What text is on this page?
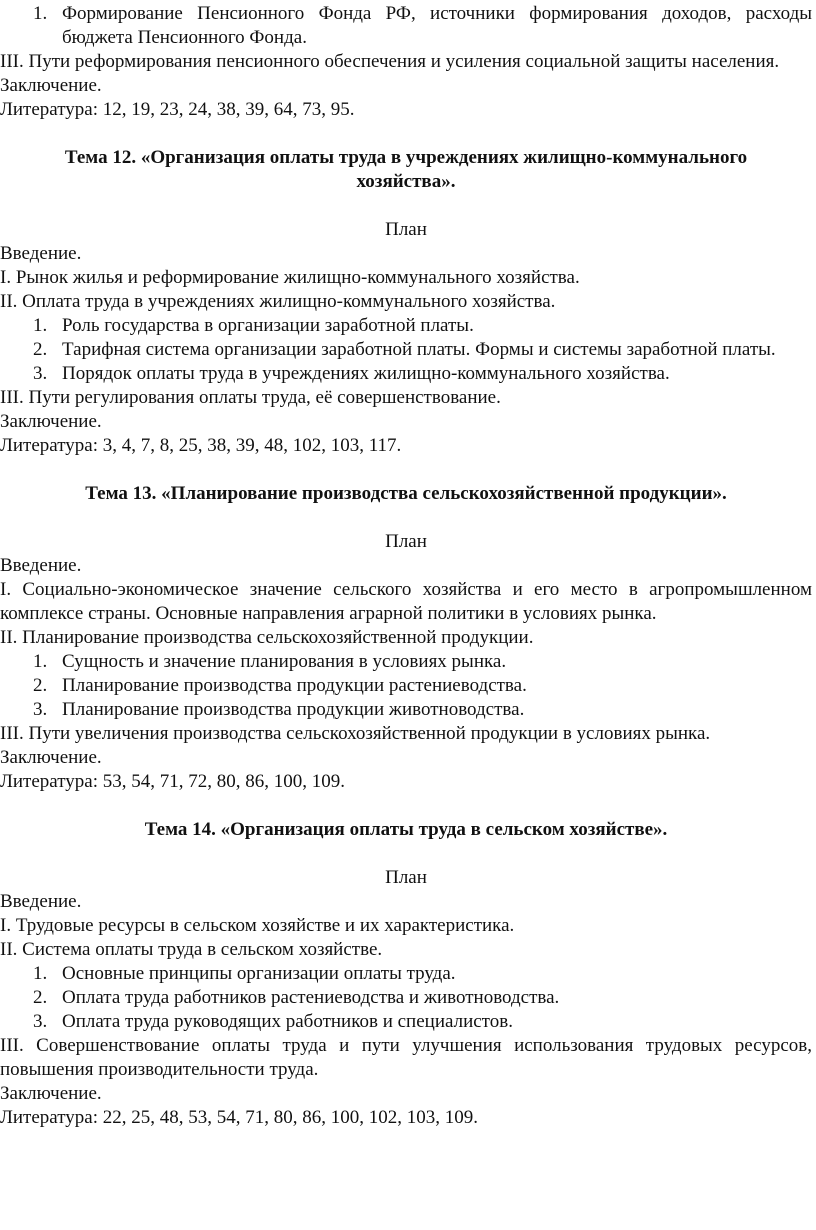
1. Формирование Пенсионного Фонда РФ, источники формирования доходов, расходы бюджета Пенсионного Фонда.
III. Пути реформирования пенсионного обеспечения и усиления социальной защиты населения.
Заключение.
Литература: 12, 19, 23, 24, 38, 39, 64, 73, 95.
Тема 12. «Организация оплаты труда в учреждениях жилищно-коммунального хозяйства».
План
Введение.
I. Рынок жилья и реформирование жилищно-коммунального хозяйства.
II. Оплата труда в учреждениях жилищно-коммунального хозяйства.
1. Роль государства в организации заработной платы.
2. Тарифная система организации заработной платы. Формы и системы заработной платы.
3. Порядок оплаты труда в учреждениях жилищно-коммунального хозяйства.
III. Пути регулирования оплаты труда, её совершенствование.
Заключение.
Литература: 3, 4, 7, 8, 25, 38, 39, 48, 102, 103, 117.
Тема 13. «Планирование производства сельскохозяйственной продукции».
План
Введение.
I. Социально-экономическое значение сельского хозяйства и его место в агропромышленном комплексе страны. Основные направления аграрной политики в условиях рынка.
II. Планирование производства сельскохозяйственной продукции.
1. Сущность и значение планирования в условиях рынка.
2. Планирование производства продукции растениеводства.
3. Планирование производства продукции животноводства.
III. Пути увеличения производства сельскохозяйственной продукции в условиях рынка.
Заключение.
Литература: 53, 54, 71, 72, 80, 86, 100, 109.
Тема 14. «Организация оплаты труда в сельском хозяйстве».
План
Введение.
I. Трудовые ресурсы в сельском хозяйстве и их характеристика.
II. Система оплаты труда в сельском хозяйстве.
1. Основные принципы организации оплаты труда.
2. Оплата труда работников растениеводства и животноводства.
3. Оплата труда руководящих работников и специалистов.
III. Совершенствование оплаты труда и пути улучшения использования трудовых ресурсов, повышения производительности труда.
Заключение.
Литература: 22, 25, 48, 53, 54, 71, 80, 86, 100, 102, 103, 109.
